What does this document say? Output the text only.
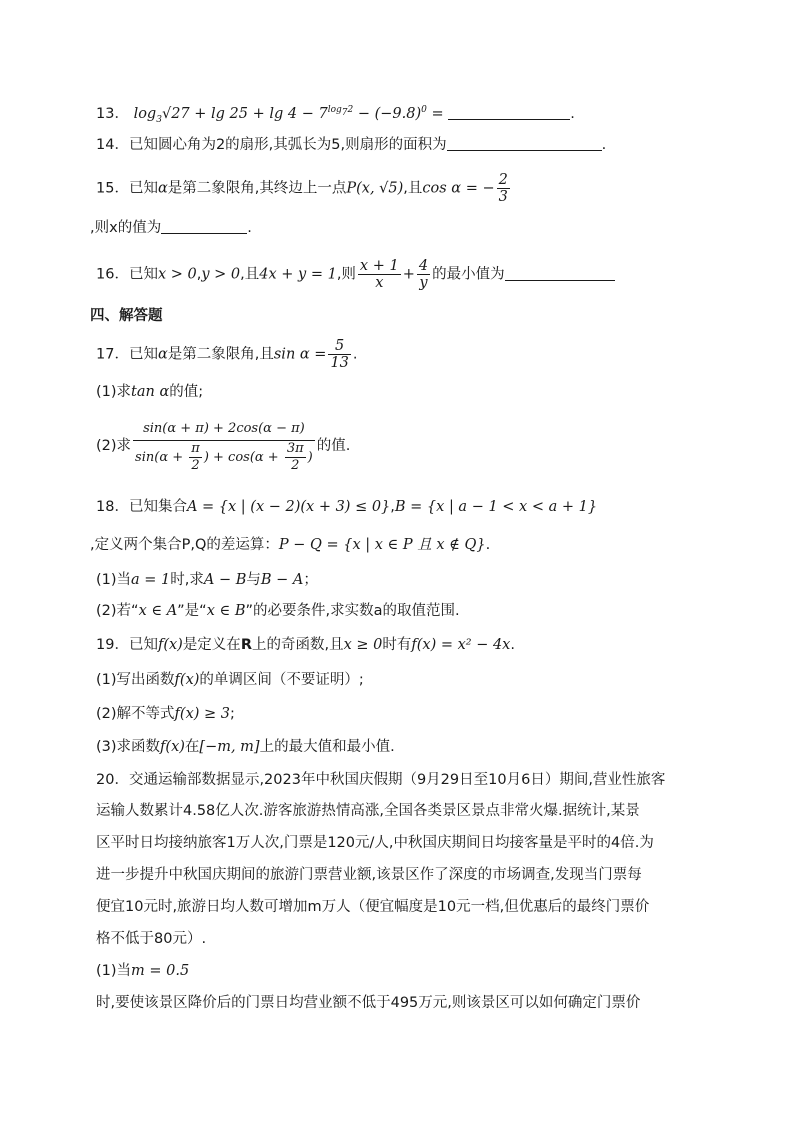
13． $\log_3√27 + \lg 25 + \lg 4 - 7^{log_72} - (-9.8)^0$ =	.
14．已知圆心角为2的扇形,其弧长为5,则扇形的面积为	.
15．已知α是第二象限角,其终边上一点P(x, √5),且cos α = − $\frac{2}{3}$
,则x的值为	.
16．已知x > 0,y > 0,且4x + y = 1,则 $\frac{x + 1}{x} + \frac{4}{y}$ 的最小值为
四、解答题
17．已知α是第二象限角,且$\sin \alpha = \frac{5}{13}$ .
(1)求tan α的值;
(2)求 $\frac{\sin(\alpha + \pi) + 2\cos(\alpha - \pi)}{\sin(\alpha + \frac{\pi}{2} ) + \cos(\alpha + \frac{3\pi}{2} )}$ 的值.
18．已知集合A = {x | (x − 2)(x + 3) ≤ 0},B = {x | a − 1 < x < a + 1}
,定义两个集合P,Q的差运算：P − Q = {x | x ∈ P 且 x ∉ Q}.
(1)当a = 1时,求A − B与B − A；
(2)若“x ∈ A”是“x ∈ B”的必要条件,求实数a的取值范围.
19．已知f(x)是定义在R上的奇函数,且x ≥ 0时有f(x) = x² − 4x.
(1)写出函数f(x)的单调区间（不要证明）;
(2)解不等式f(x) ≥ 3;
(3)求函数f(x)在[−m, m]上的最大值和最小值.
20．交通运输部数据显示,2023年中秋国庆假期（9月29日至10月6日）期间,营业性旅客
运输人数累计4.58亿人次.游客旅游热情高涨,全国各类景区景点非常火爆.据统计,某景
区平时日均接纳旅客1万人次,门票是120元/人,中秋国庆期间日均接客量是平时的4倍.为
进一步提升中秋国庆期间的旅游门票营业额,该景区作了深度的市场调查,发现当门票每
便宜10元时,旅游日均人数可增加m万人（便宜幅度是10元一档,但优惠后的最终门票价
格不低于80元）.
(1)当m = 0.5
时,要使该景区降价后的门票日均营业额不低于495万元,则该景区可以如何确定门票价
